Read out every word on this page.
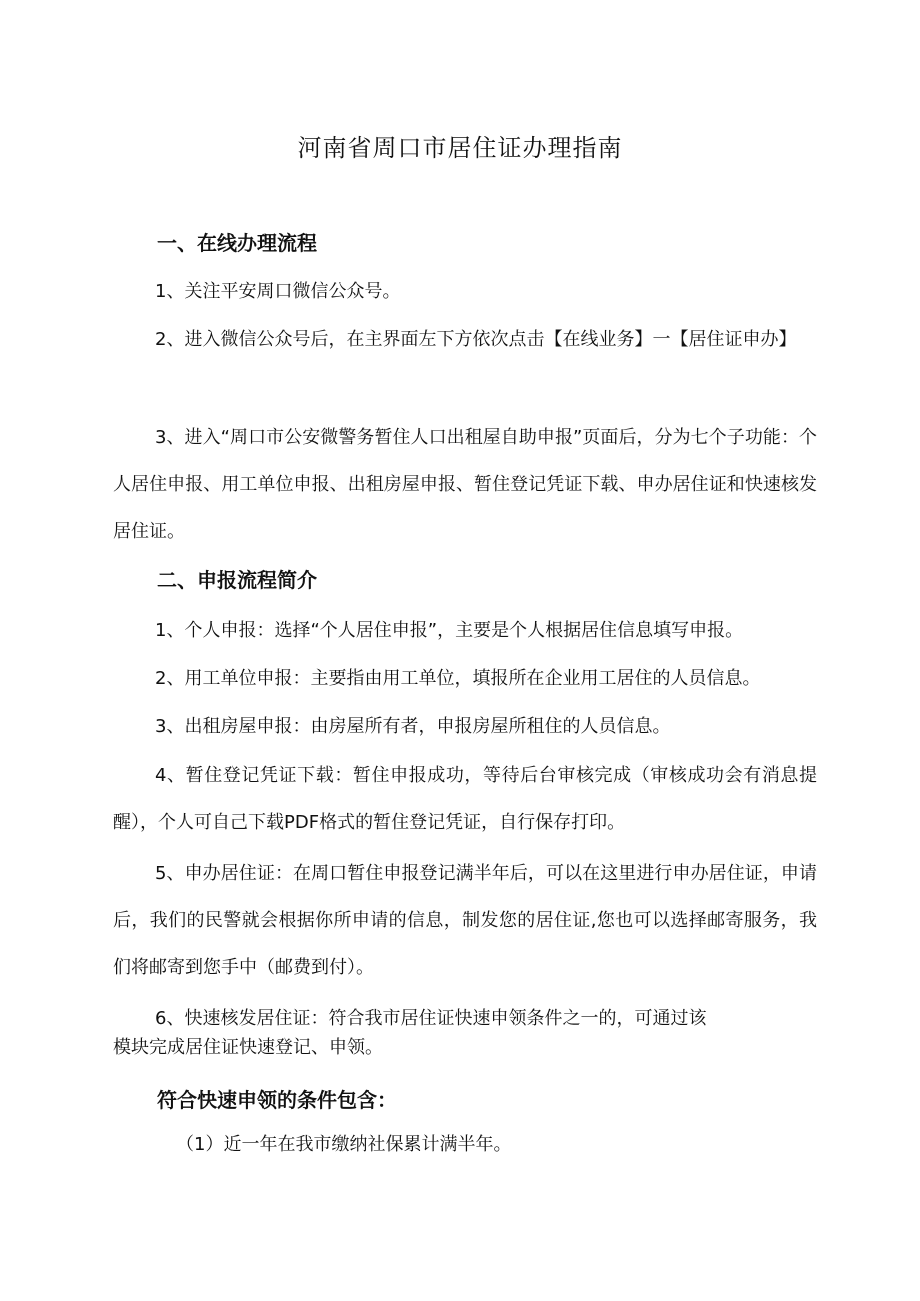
河南省周口市居住证办理指南
一、在线办理流程
1、关注平安周口微信公众号。
2、进入微信公众号后，在主界面左下方依次点击【在线业务】一【居住证申办】
3、进入“周口市公安微警务暂住人口出租屋自助申报”页面后，分为七个子功能：个人居住申报、用工单位申报、出租房屋申报、暂住登记凭证下载、申办居住证和快速核发居住证。
二、申报流程简介
1、个人申报：选择“个人居住申报”，主要是个人根据居住信息填写申报。
2、用工单位申报：主要指由用工单位，填报所在企业用工居住的人员信息。
3、出租房屋申报：由房屋所有者，申报房屋所租住的人员信息。
4、暂住登记凭证下载：暂住申报成功，等待后台审核完成（审核成功会有消息提醒），个人可自己下载PDF格式的暂住登记凭证，自行保存打印。
5、申办居住证：在周口暂住申报登记满半年后，可以在这里进行申办居住证，申请后，我们的民警就会根据你所申请的信息，制发您的居住证,您也可以选择邮寄服务，我们将邮寄到您手中（邮费到付）。
6、快速核发居住证：符合我市居住证快速申领条件之一的，可通过该
模块完成居住证快速登记、申领。
符合快速申领的条件包含：
（1）近一年在我市缴纳社保累计满半年。
